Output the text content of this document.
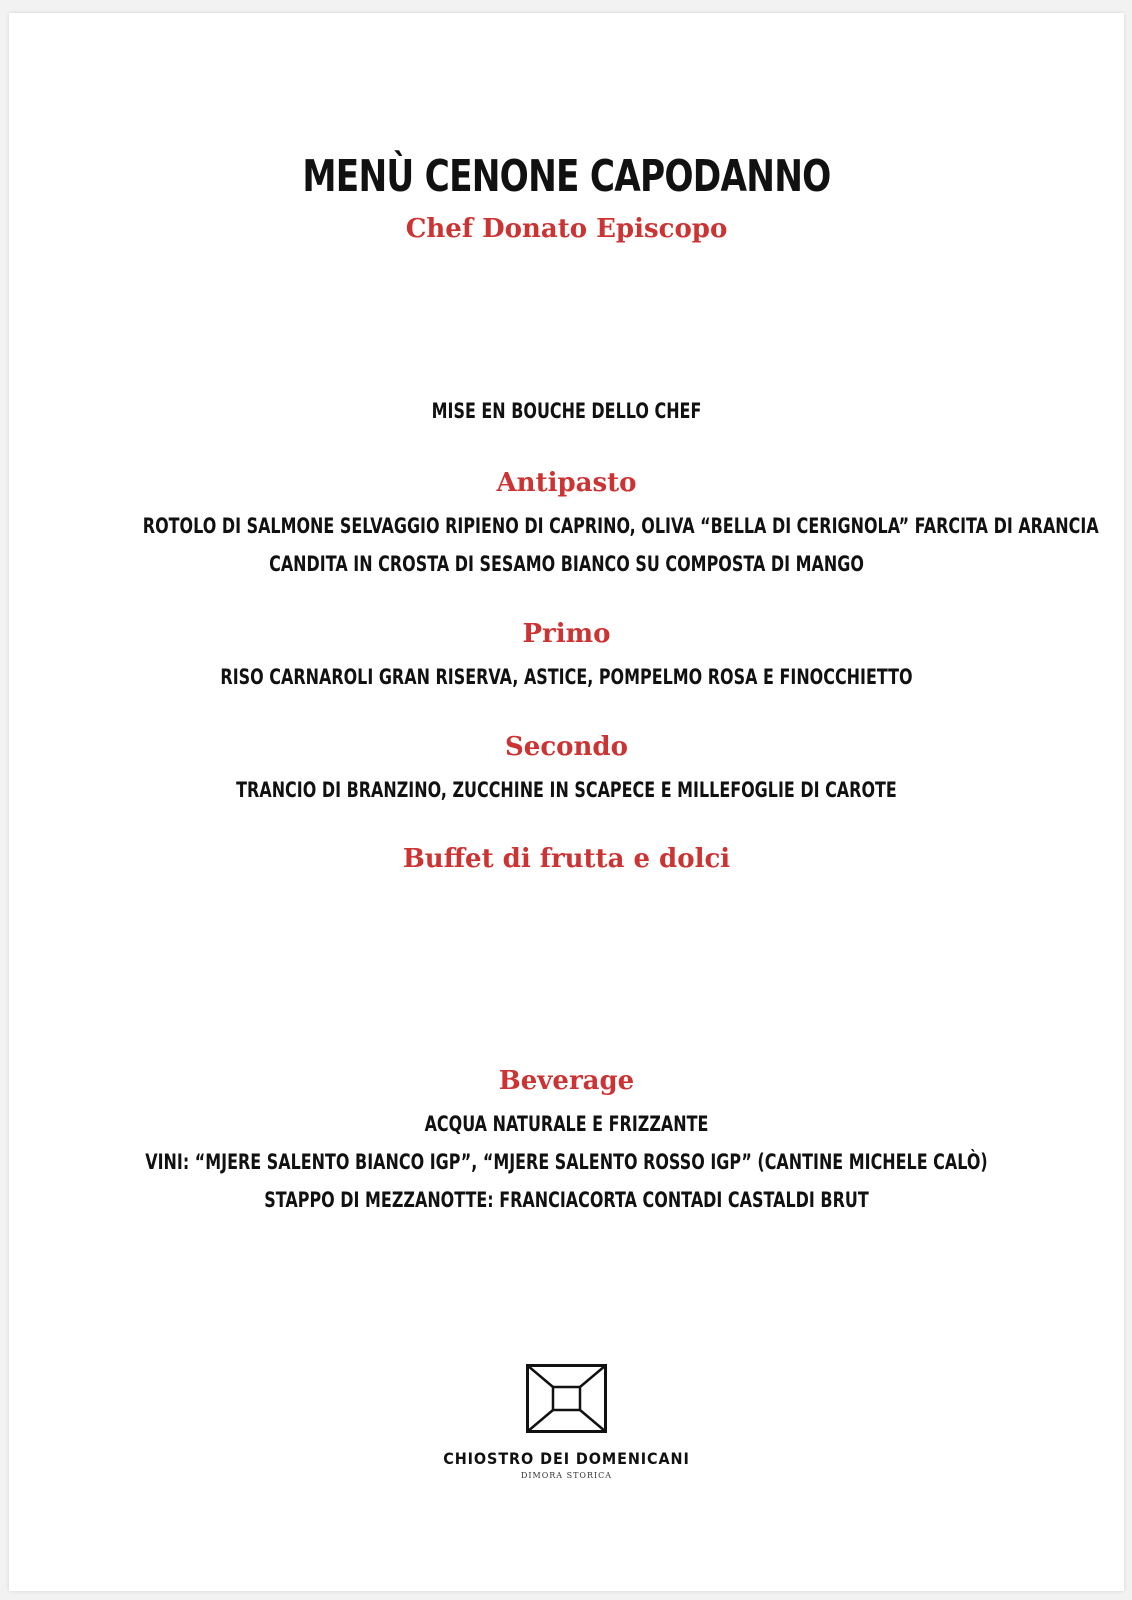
MENÙ CENONE CAPODANNO
Chef Donato Episcopo
MISE EN BOUCHE DELLO CHEF
Antipasto
ROTOLO DI SALMONE SELVAGGIO RIPIENO DI CAPRINO, OLIVA “BELLA DI CERIGNOLA” FARCITA DI ARANCIA
CANDITA IN CROSTA DI SESAMO BIANCO SU COMPOSTA DI MANGO
Primo
RISO CARNAROLI GRAN RISERVA, ASTICE, POMPELMO ROSA E FINOCCHIETTO
Secondo
TRANCIO DI BRANZINO, ZUCCHINE IN SCAPECE E MILLEFOGLIE DI CAROTE
Buffet di frutta e dolci
Beverage
ACQUA NATURALE E FRIZZANTE
VINI: “MJERE SALENTO BIANCO IGP”, “MJERE SALENTO ROSSO IGP” (CANTINE MICHELE CALÒ)
STAPPO DI MEZZANOTTE: FRANCIACORTA CONTADI CASTALDI BRUT
CHIOSTRO DEI DOMENICANI
DIMORA STORICA
